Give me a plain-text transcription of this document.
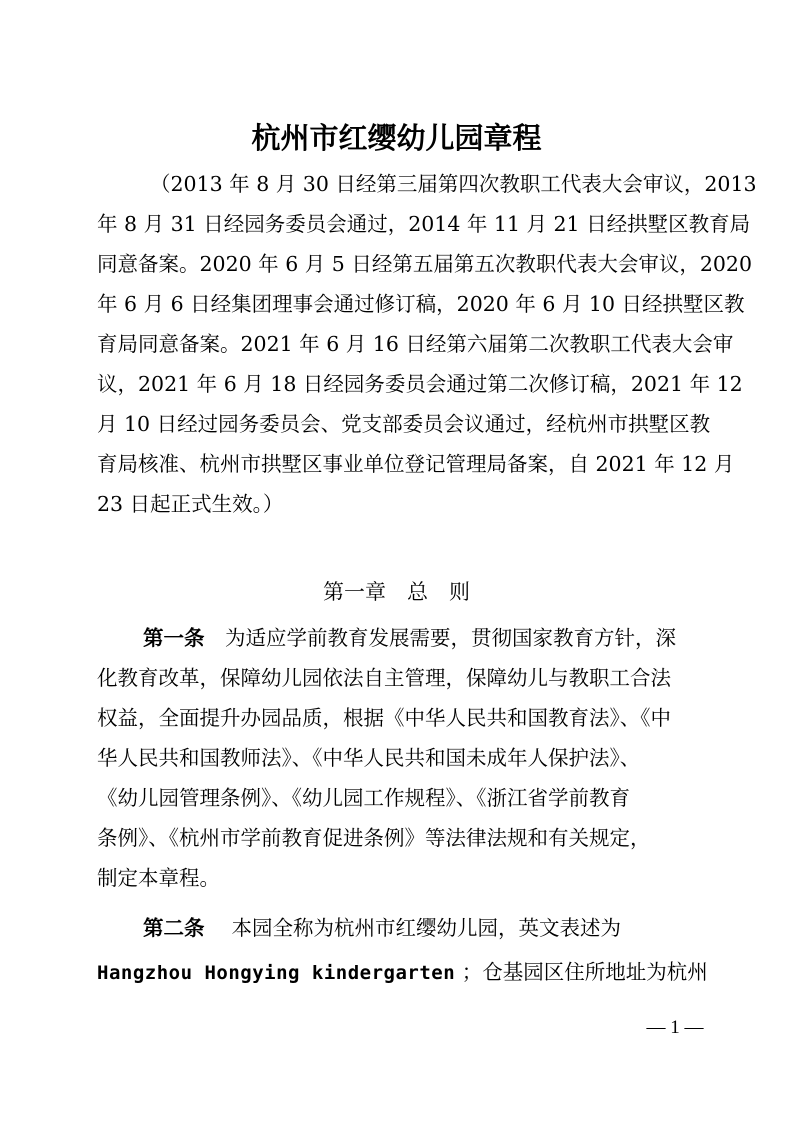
杭州市红缨幼儿园章程
（2013 年 8 月 30 日经第三届第四次教职工代表大会审议，2013
年 8 月 31 日经园务委员会通过，2014 年 11 月 21 日经拱墅区教育局
同意备案。2020 年 6 月 5 日经第五届第五次教职代表大会审议，2020
年 6 月 6 日经集团理事会通过修订稿，2020 年 6 月 10 日经拱墅区教
育局同意备案。2021 年 6 月 16 日经第六届第二次教职工代表大会审
议，2021 年 6 月 18 日经园务委员会通过第二次修订稿，2021 年 12
月 10 日经过园务委员会、党支部委员会议通过，经杭州市拱墅区教
育局核准、杭州市拱墅区事业单位登记管理局备案，自 2021 年 12 月
23 日起正式生效。）
第一章　总　则
第一条　 为适应学前教育发展需要，贯彻国家教育方针，深
化教育改革，保障幼儿园依法自主管理，保障幼儿与教职工合法
权益，全面提升办园品质，根据《中华人民共和国教育法》、《中
华人民共和国教师法》、《中华人民共和国未成年人保护法》、
《幼儿园管理条例》、《幼儿园工作规程》、《浙江省学前教育
条例》、《杭州市学前教育促进条例》等法律法规和有关规定，
制定本章程。
第二条　 本园全称为杭州市红缨幼儿园，英文表述为
Hangzhou Hongying kindergarten ；仓基园区住所地址为杭州
— 1 —
